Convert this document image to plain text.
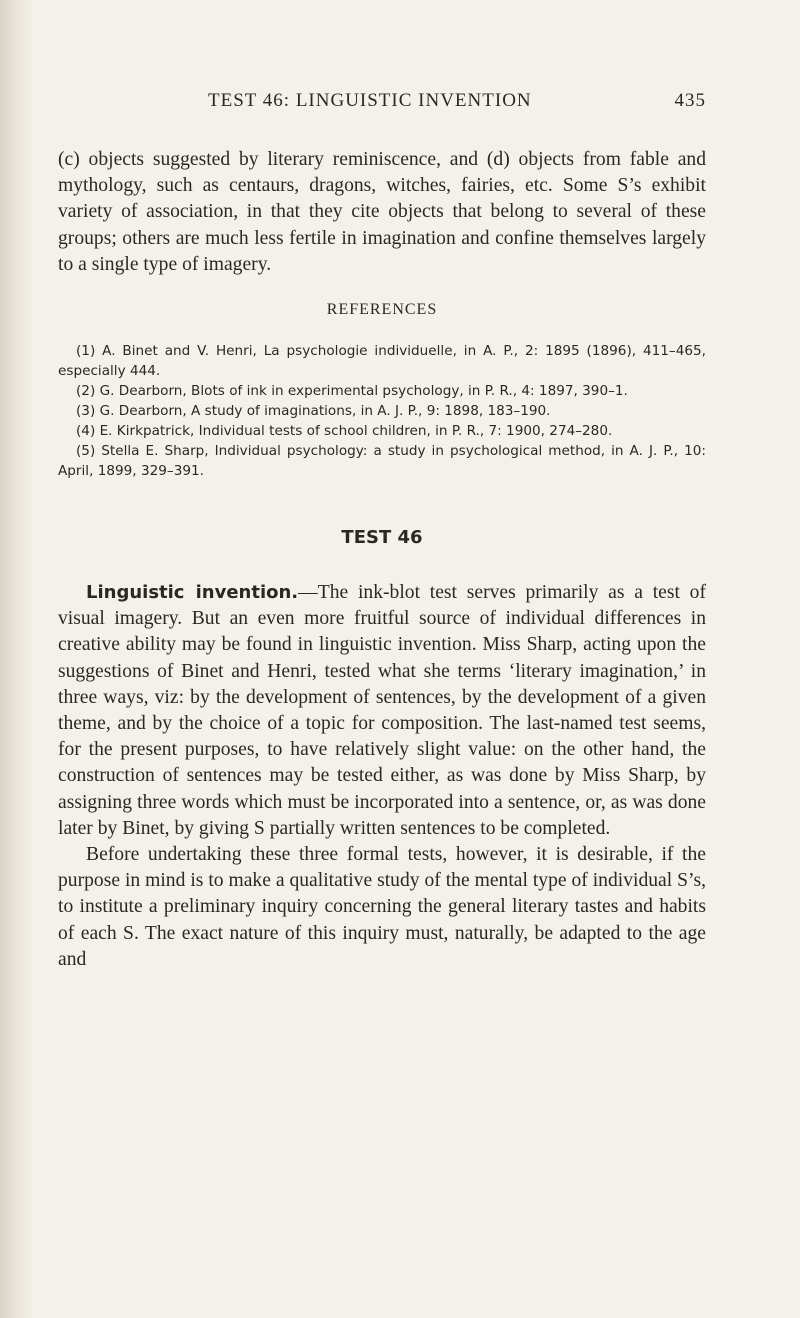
TEST 46: LINGUISTIC INVENTION	435

(c) objects suggested by literary reminiscence, and (d) objects from fable and mythology, such as centaurs, dragons, witches, fairies, etc. Some S’s exhibit variety of association, in that they cite objects that belong to several of these groups; others are much less fertile in imagination and confine themselves largely to a single type of imagery.

REFERENCES

(1) A. Binet and V. Henri, La psychologie individuelle, in A. P., 2: 1895 (1896), 411–465, especially 444.

(2) G. Dearborn, Blots of ink in experimental psychology, in P. R., 4: 1897, 390–1.

(3) G. Dearborn, A study of imaginations, in A. J. P., 9: 1898, 183–190.

(4) E. Kirkpatrick, Individual tests of school children, in P. R., 7: 1900, 274–280.

(5) Stella E. Sharp, Individual psychology: a study in psychological method, in A. J. P., 10: April, 1899, 329–391.

TEST 46

Linguistic invention.—The ink-blot test serves primarily as a test of visual imagery. But an even more fruitful source of individual differences in creative ability may be found in linguistic invention. Miss Sharp, acting upon the suggestions of Binet and Henri, tested what she terms ‘literary imagination,’ in three ways, viz: by the development of sentences, by the development of a given theme, and by the choice of a topic for composition. The last-named test seems, for the present purposes, to have relatively slight value: on the other hand, the construction of sentences may be tested either, as was done by Miss Sharp, by assigning three words which must be incorporated into a sentence, or, as was done later by Binet, by giving S partially written sentences to be completed.

Before undertaking these three formal tests, however, it is desirable, if the purpose in mind is to make a qualitative study of the mental type of individual S’s, to institute a preliminary inquiry concerning the general literary tastes and habits of each S. The exact nature of this inquiry must, naturally, be adapted to the age and
